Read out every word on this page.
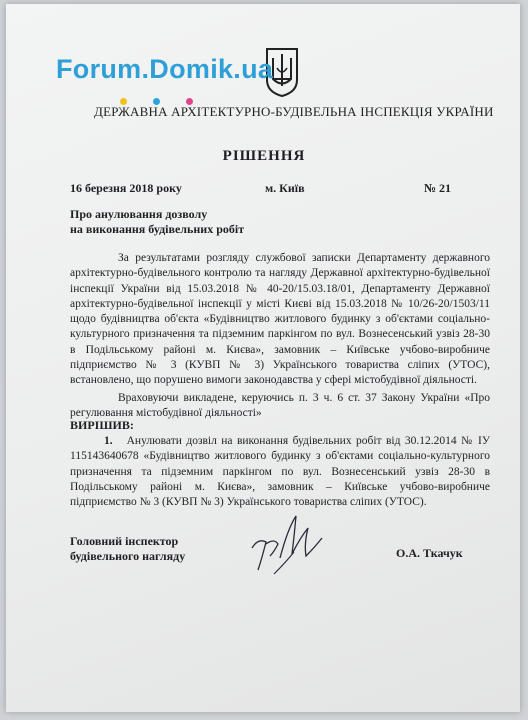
Forum.Domik.ua
ДЕРЖАВНА АРХІТЕКТУРНО-БУДІВЕЛЬНА ІНСПЕКЦІЯ УКРАЇНИ
РІШЕННЯ
16 березня 2018 року	м. Київ	№ 21
Про анулювання дозволу
на виконання будівельних робіт

За результатами розгляду службової записки Департаменту державного архітектурно-будівельного контролю та нагляду Державної архітектурно-будівельної інспекції України від 15.03.2018 № 40-20/15.03.18/01, Департаменту Державної архітектурно-будівельної інспекції у місті Києві від 15.03.2018 № 10/26-20/1503/11 щодо будівництва об'єкта «Будівництво житлового будинку з об'єктами соціально-культурного призначення та підземним паркінгом по вул. Вознесенський узвіз 28-30 в Подільському районі м. Києва», замовник – Київське учбово-виробниче підприємство № 3 (КУВП № 3) Українського товариства сліпих (УТОС), встановлено, що порушено вимоги законодавства у сфері містобудівної діяльності.

Враховуючи викладене, керуючись п. 3 ч. 6 ст. 37 Закону України «Про регулювання містобудівної діяльності»

ВИРІШИВ:
1. Анулювати дозвіл на виконання будівельних робіт від 30.12.2014 № ІУ 115143640678 «Будівництво житлового будинку з об'єктами соціально-культурного призначення та підземним паркінгом по вул. Вознесенський узвіз 28-30 в Подільському районі м. Києва», замовник – Київське учбово-виробниче підприємство № 3 (КУВП № 3) Українського товариства сліпих (УТОС).
Головний інспектор
будівельного нагляду	О.А. Ткачук
